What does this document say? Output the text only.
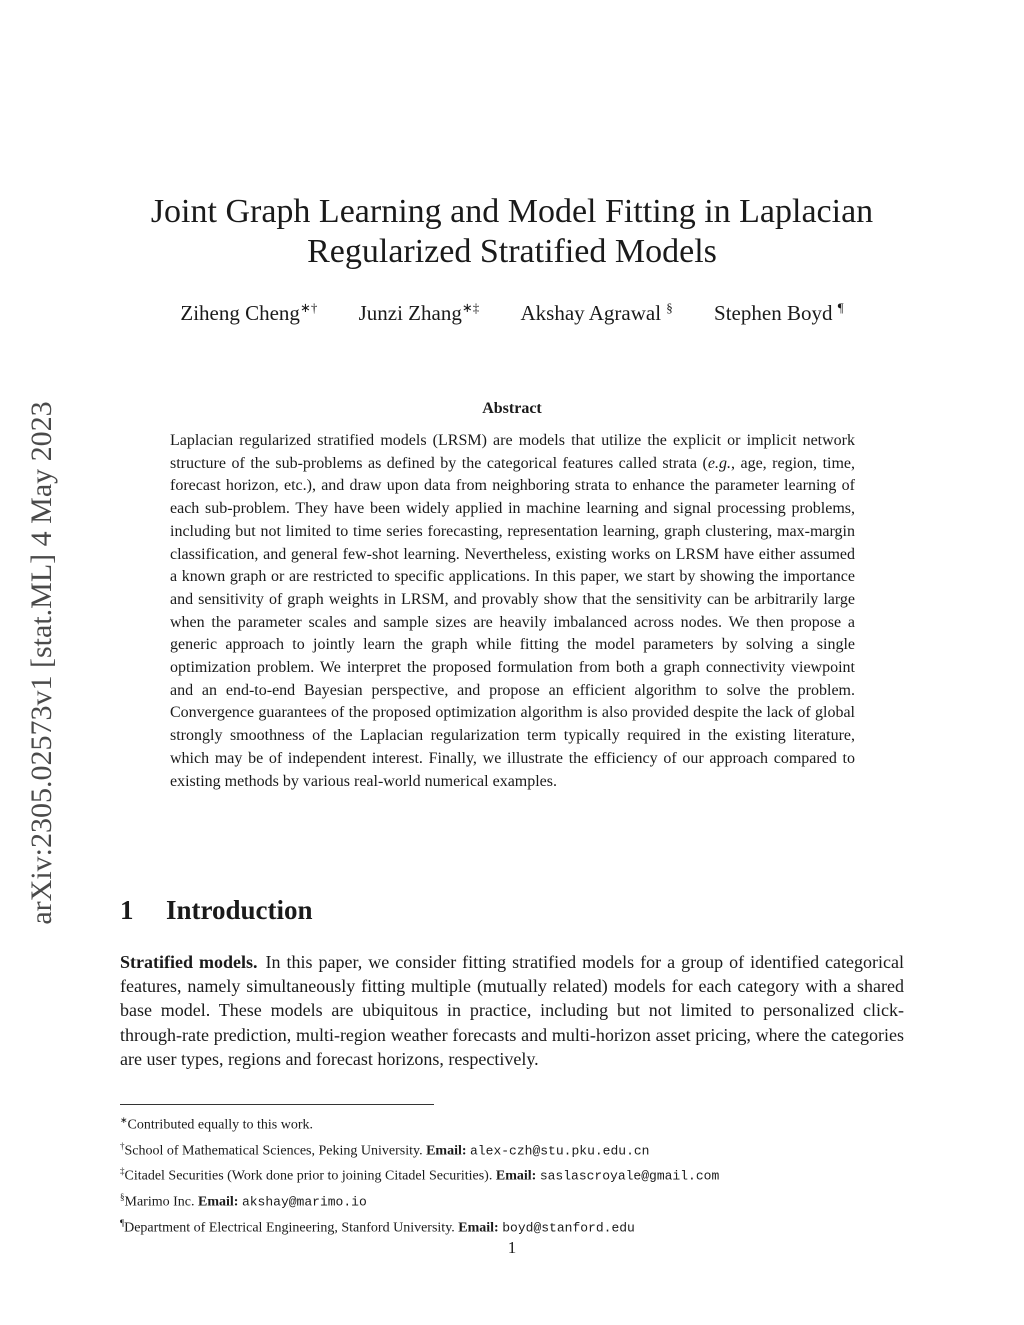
arXiv:2305.02573v1 [stat.ML] 4 May 2023
Joint Graph Learning and Model Fitting in Laplacian
Regularized Stratified Models
Ziheng Cheng∗† Junzi Zhang∗‡ Akshay Agrawal § Stephen Boyd ¶
Abstract

Laplacian regularized stratified models (LRSM) are models that utilize the explicit or implicit network structure of the sub-problems as defined by the categorical features called strata (e.g., age, region, time, forecast horizon, etc.), and draw upon data from neighboring strata to enhance the parameter learning of each sub-problem. They have been widely applied in machine learning and signal processing problems, including but not limited to time series forecasting, representation learning, graph clustering, max-margin classification, and general few-shot learning. Nevertheless, existing works on LRSM have either assumed a known graph or are restricted to specific applications. In this paper, we start by showing the importance and sensitivity of graph weights in LRSM, and provably show that the sensitivity can be arbitrarily large when the parameter scales and sample sizes are heavily imbalanced across nodes. We then propose a generic approach to jointly learn the graph while fitting the model parameters by solving a single optimization problem. We interpret the proposed formulation from both a graph connectivity viewpoint and an end-to-end Bayesian perspective, and propose an efficient algorithm to solve the problem. Convergence guarantees of the proposed optimization algorithm is also provided despite the lack of global strongly smoothness of the Laplacian regularization term typically required in the existing literature, which may be of independent interest. Finally, we illustrate the efficiency of our approach compared to existing methods by various real-world numerical examples.

1 Introduction

Stratified models. In this paper, we consider fitting stratified models for a group of identified categorical features, namely simultaneously fitting multiple (mutually related) models for each category with a shared base model. These models are ubiquitous in practice, including but not limited to personalized click-through-rate prediction, multi-region weather forecasts and multi-horizon asset pricing, where the categories are user types, regions and forecast horizons, respectively.

∗Contributed equally to this work.
†School of Mathematical Sciences, Peking University. Email: alex-czh@stu.pku.edu.cn
‡Citadel Securities (Work done prior to joining Citadel Securities). Email: saslascroyale@gmail.com
§Marimo Inc. Email: akshay@marimo.io
¶Department of Electrical Engineering, Stanford University. Email: boyd@stanford.edu
1
